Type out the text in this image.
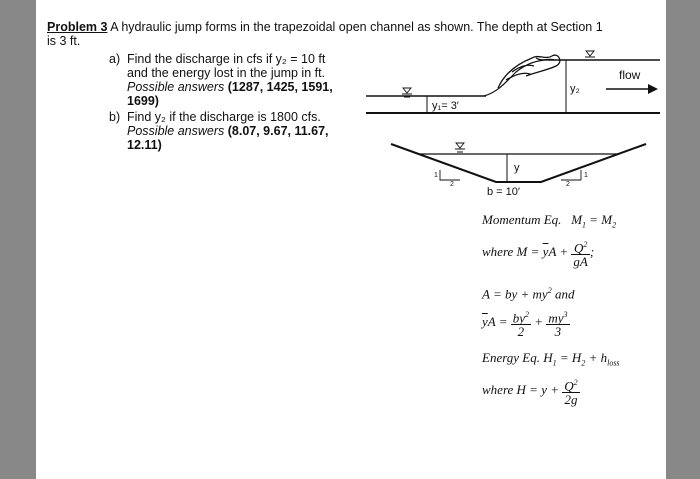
Problem 3 A hydraulic jump forms in the trapezoidal open channel as shown. The depth at Section 1
is 3 ft.
a) Find the discharge in cfs if y₂ = 10 ft
and the energy lost in the jump in ft.
Possible answers (1287, 1425, 1591,
1699)
b) Find y₂ if the discharge is 1800 cfs.
Possible answers (8.07, 9.67, 11.67,
12.11)
y₁= 3′
y₂
flow
y
b = 10′
1
2
1
2
Momentum Eq.   $M_1 = M_2$
where $M = \overline{y}A + \frac{Q^2}{gA}$ ;
A = by + $my^2$ and
$\overline{y}A = \frac{by^2}{2} + \frac{my^3}{3}$
Energy Eq. $H_1 = H_2 + h_{loss}$
where $H = y + \frac{Q^2}{2g}$
